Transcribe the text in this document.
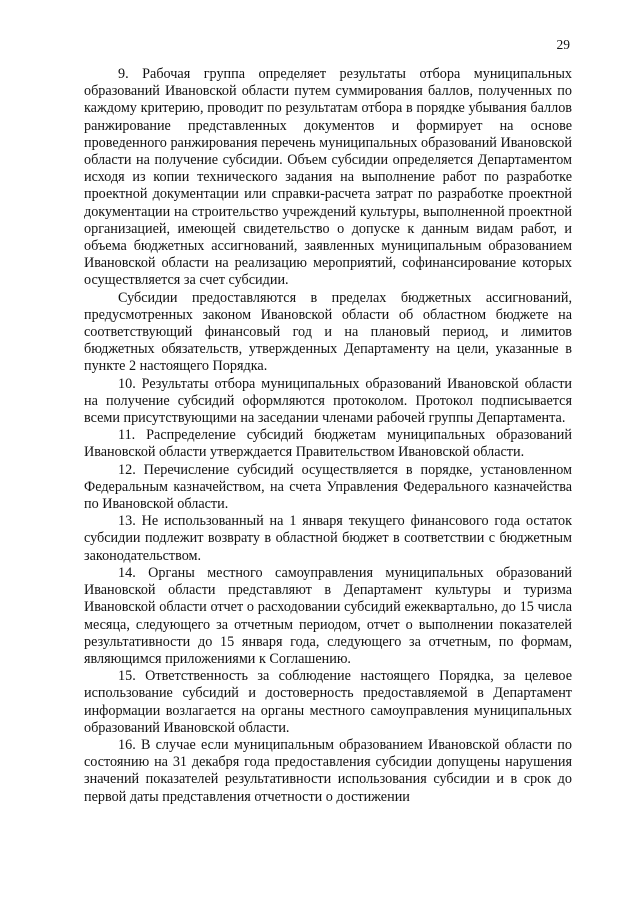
29

9. Рабочая группа определяет результаты отбора муниципальных образований Ивановской области путем суммирования баллов, полученных по каждому критерию, проводит по результатам отбора в порядке убывания баллов ранжирование представленных документов и формирует на основе проведенного ранжирования перечень муниципальных образований Ивановской области на получение субсидии. Объем субсидии определяется Департаментом исходя из копии технического задания на выполнение работ по разработке проектной документации или справки-расчета затрат по разработке проектной документации на строительство учреждений культуры, выполненной проектной организацией, имеющей свидетельство о допуске к данным видам работ, и объема бюджетных ассигнований, заявленных муниципальным образованием Ивановской области на реализацию мероприятий, софинансирование которых осуществляется за счет субсидии.

Субсидии предоставляются в пределах бюджетных ассигнований, предусмотренных законом Ивановской области об областном бюджете на соответствующий финансовый год и на плановый период, и лимитов бюджетных обязательств, утвержденных Департаменту на цели, указанные в пункте 2 настоящего Порядка.

10. Результаты отбора муниципальных образований Ивановской области на получение субсидий оформляются протоколом. Протокол подписывается всеми присутствующими на заседании членами рабочей группы Департамента.

11. Распределение субсидий бюджетам муниципальных образований Ивановской области утверждается Правительством Ивановской области.

12. Перечисление субсидий осуществляется в порядке, установленном Федеральным казначейством, на счета Управления Федерального казначейства по Ивановской области.

13. Не использованный на 1 января текущего финансового года остаток субсидии подлежит возврату в областной бюджет в соответствии с бюджетным законодательством.

14. Органы местного самоуправления муниципальных образований Ивановской области представляют в Департамент культуры и туризма Ивановской области отчет о расходовании субсидий ежеквартально, до 15 числа месяца, следующего за отчетным периодом, отчет о выполнении показателей результативности до 15 января года, следующего за отчетным, по формам, являющимся приложениями к Соглашению.

15. Ответственность за соблюдение настоящего Порядка, за целевое использование субсидий и достоверность предоставляемой в Департамент информации возлагается на органы местного самоуправления муниципальных образований Ивановской области.

16. В случае если муниципальным образованием Ивановской области по состоянию на 31 декабря года предоставления субсидии допущены нарушения значений показателей результативности использования субсидии и в срок до первой даты представления отчетности о достижении
